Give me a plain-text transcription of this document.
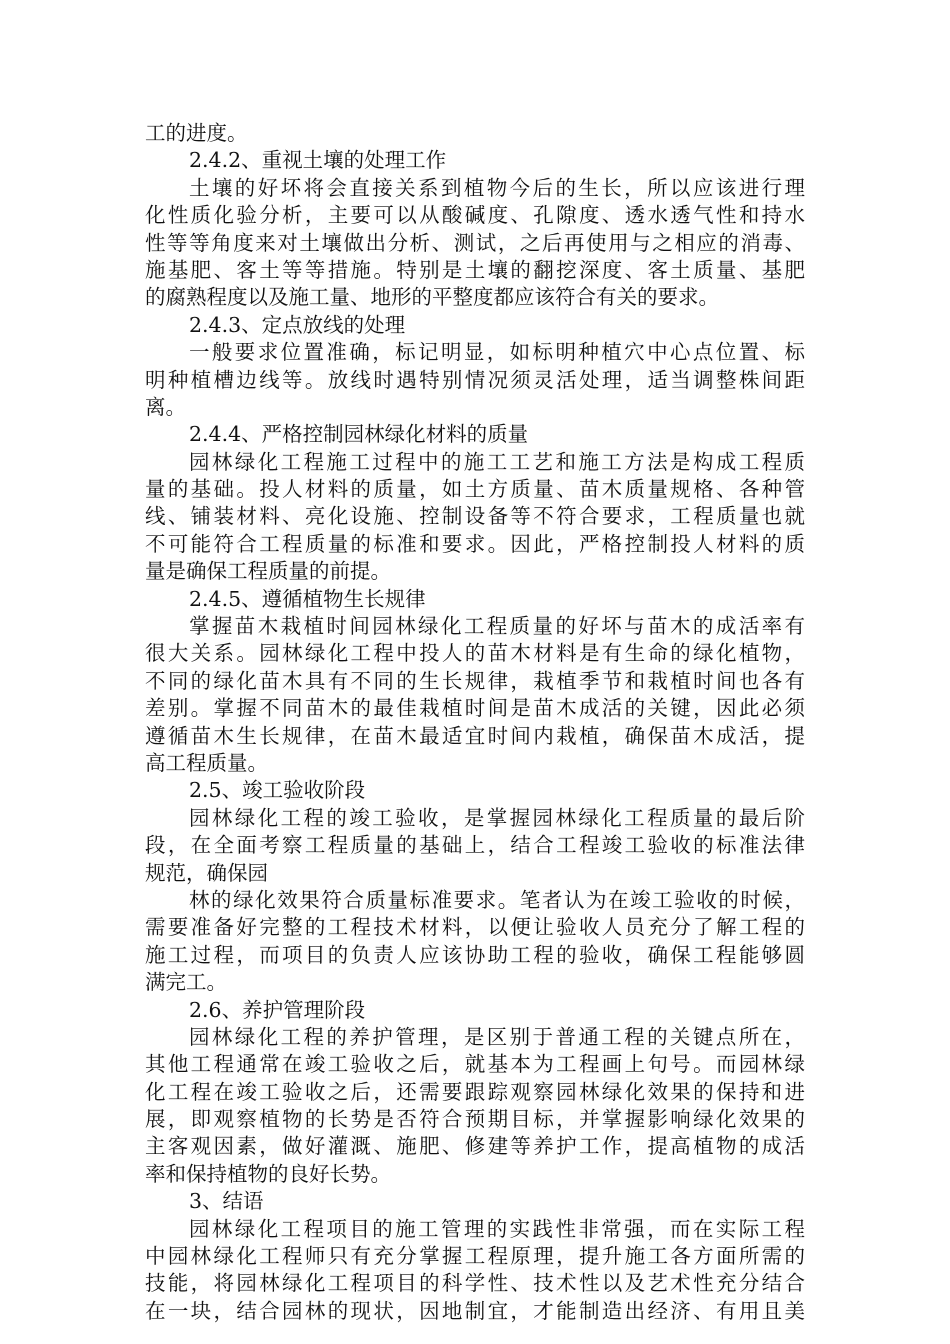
工的进度。
2.4.2、重视土壤的处理工作
土壤的好坏将会直接关系到植物今后的生长，所以应该进行理
化性质化验分析，主要可以从酸碱度、孔隙度、透水透气性和持水
性等等角度来对土壤做出分析、测试，之后再使用与之相应的消毒、
施基肥、客土等等措施。特别是土壤的翻挖深度、客土质量、基肥
的腐熟程度以及施工量、地形的平整度都应该符合有关的要求。
2.4.3、定点放线的处理
一般要求位置准确，标记明显，如标明种植穴中心点位置、标
明种植槽边线等。放线时遇特别情况须灵活处理，适当调整株间距
离。
2.4.4、严格控制园林绿化材料的质量
园林绿化工程施工过程中的施工工艺和施工方法是构成工程质
量的基础。投人材料的质量，如土方质量、苗木质量规格、各种管
线、铺装材料、亮化设施、控制设备等不符合要求，工程质量也就
不可能符合工程质量的标准和要求。因此，严格控制投人材料的质
量是确保工程质量的前提。
2.4.5、遵循植物生长规律
掌握苗木栽植时间园林绿化工程质量的好坏与苗木的成活率有
很大关系。园林绿化工程中投人的苗木材料是有生命的绿化植物，
不同的绿化苗木具有不同的生长规律，栽植季节和栽植时间也各有
差别。掌握不同苗木的最佳栽植时间是苗木成活的关键，因此必须
遵循苗木生长规律，在苗木最适宜时间内栽植，确保苗木成活，提
高工程质量。
2.5、竣工验收阶段
园林绿化工程的竣工验收，是掌握园林绿化工程质量的最后阶
段，在全面考察工程质量的基础上，结合工程竣工验收的标准法律
规范，确保园
林的绿化效果符合质量标准要求。笔者认为在竣工验收的时候，
需要准备好完整的工程技术材料，以便让验收人员充分了解工程的
施工过程，而项目的负责人应该协助工程的验收，确保工程能够圆
满完工。
2.6、养护管理阶段
园林绿化工程的养护管理，是区别于普通工程的关键点所在，
其他工程通常在竣工验收之后，就基本为工程画上句号。而园林绿
化工程在竣工验收之后，还需要跟踪观察园林绿化效果的保持和进
展，即观察植物的长势是否符合预期目标，并掌握影响绿化效果的
主客观因素，做好灌溉、施肥、修建等养护工作，提高植物的成活
率和保持植物的良好长势。
3、结语
园林绿化工程项目的施工管理的实践性非常强，而在实际工程
中园林绿化工程师只有充分掌握工程原理，提升施工各方面所需的
技能，将园林绿化工程项目的科学性、技术性以及艺术性充分结合
在一块，结合园林的现状，因地制宜，才能制造出经济、有用且美
